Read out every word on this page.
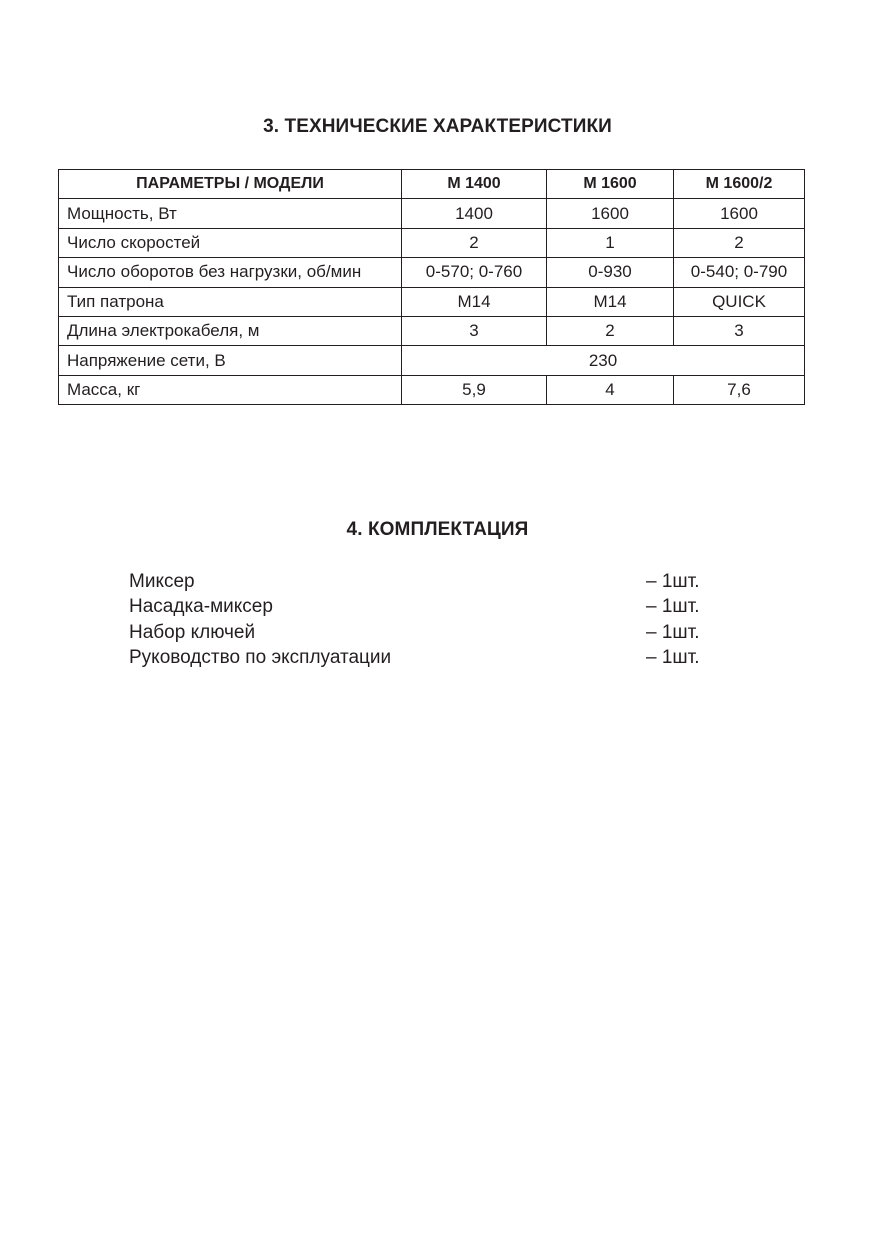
3. ТЕХНИЧЕСКИЕ ХАРАКТЕРИСТИКИ
ПАРАМЕТРЫ / МОДЕЛИ	M 1400	M 1600	M 1600/2
Мощность, Вт	1400	1600	1600
Число скоростей	2	1	2
Число оборотов без нагрузки, об/мин	0-570; 0-760	0-930	0-540; 0-790
Тип патрона	M14	M14	QUICK
Длина электрокабеля, м	3	2	3
Напряжение сети, В	230		
Масса, кг	5,9	4	7,6
4. КОМПЛЕКТАЦИЯ
Миксер	– 1шт.
Насадка-миксер	– 1шт.
Набор ключей	– 1шт.
Руководство по эксплуатации	– 1шт.
